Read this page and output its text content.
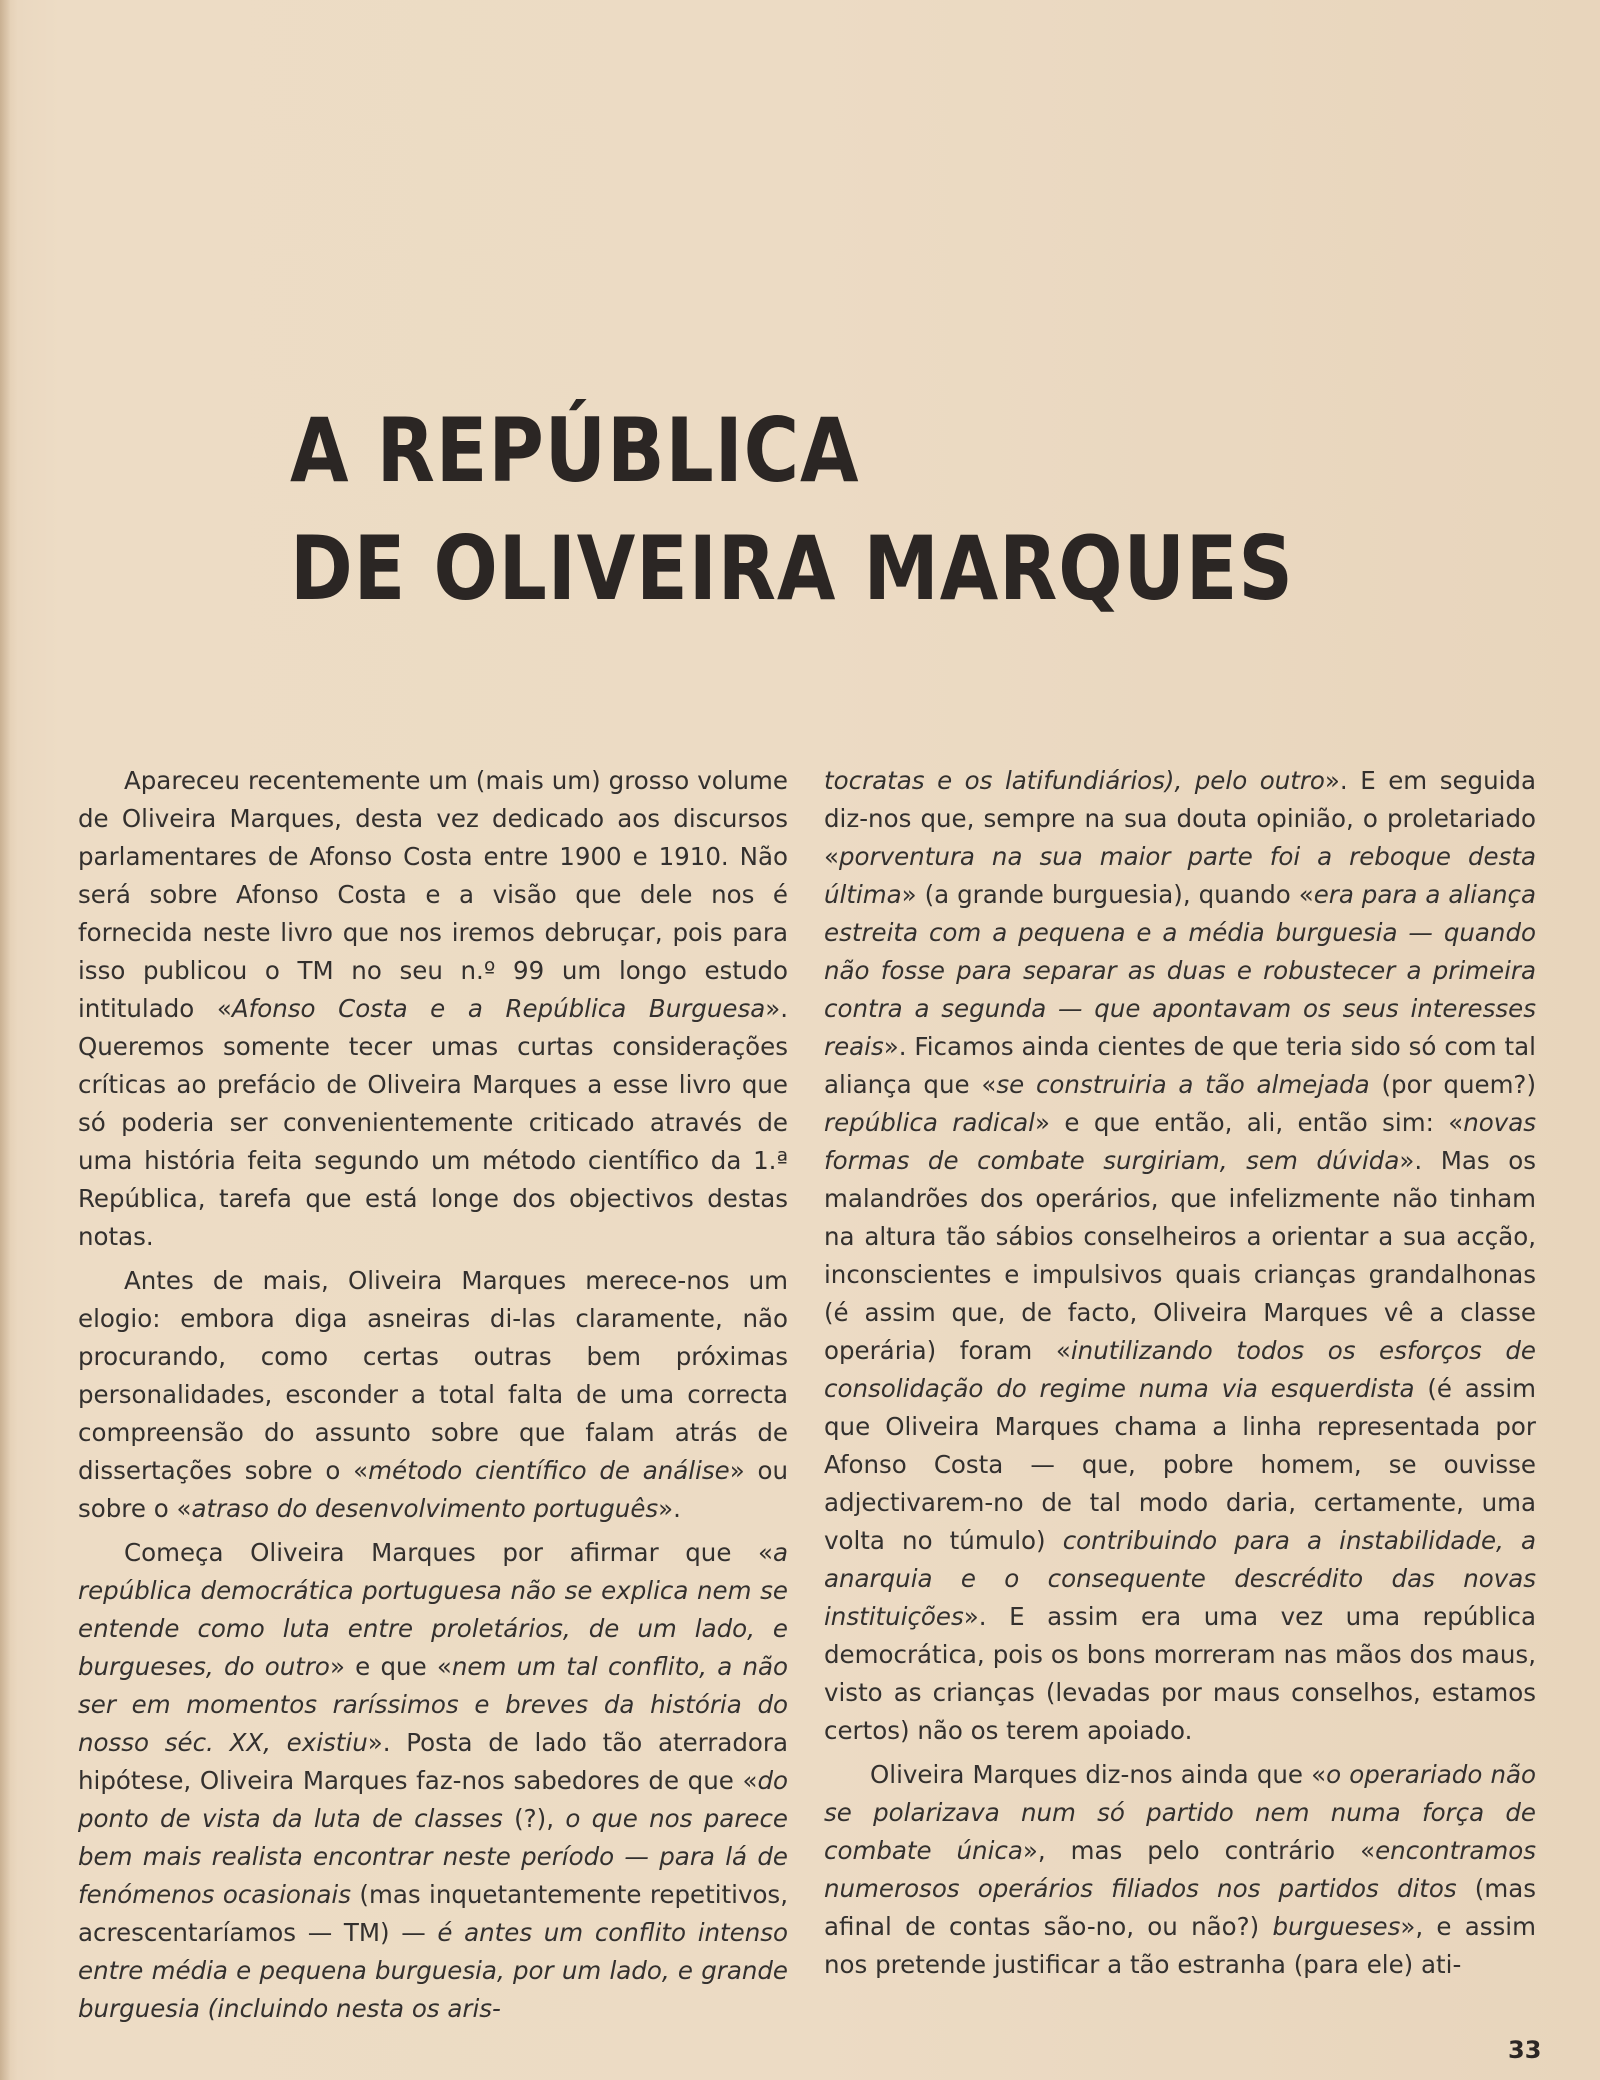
A REPÚBLICA
DE OLIVEIRA MARQUES

Apareceu recentemente um (mais um) grosso volume de Oliveira Marques, desta vez dedicado aos discursos parlamentares de Afonso Costa entre 1900 e 1910. Não será sobre Afonso Costa e a visão que dele nos é fornecida neste livro que nos iremos debruçar, pois para isso publicou o TM no seu n.º 99 um longo estudo intitulado «Afonso Costa e a República Burguesa». Queremos somente tecer umas curtas considerações críticas ao prefácio de Oliveira Marques a esse livro que só poderia ser convenientemente criticado através de uma história feita segundo um método científico da 1.ª República, tarefa que está longe dos objectivos destas notas.

Antes de mais, Oliveira Marques merece-nos um elogio: embora diga asneiras di-las claramente, não procurando, como certas outras bem próximas personalidades, esconder a total falta de uma correcta compreensão do assunto sobre que falam atrás de dissertações sobre o «método científico de análise» ou sobre o «atraso do desenvolvimento português».

Começa Oliveira Marques por afirmar que «a república democrática portuguesa não se explica nem se entende como luta entre proletários, de um lado, e burgueses, do outro» e que «nem um tal conflito, a não ser em momentos raríssimos e breves da história do nosso séc. XX, existiu». Posta de lado tão aterradora hipótese, Oliveira Marques faz-nos sabedores de que «do ponto de vista da luta de classes (?), o que nos parece bem mais realista encontrar neste período — para lá de fenómenos ocasionais (mas inquetantemente repetitivos, acrescentaríamos — TM) — é antes um conflito intenso entre média e pequena burguesia, por um lado, e grande burguesia (incluindo nesta os aris-

tocratas e os latifundiários), pelo outro». E em seguida diz-nos que, sempre na sua douta opinião, o proletariado «porventura na sua maior parte foi a reboque desta última» (a grande burguesia), quando «era para a aliança estreita com a pequena e a média burguesia — quando não fosse para separar as duas e robustecer a primeira contra a segunda — que apontavam os seus interesses reais». Ficamos ainda cientes de que teria sido só com tal aliança que «se construiria a tão almejada (por quem?) república radical» e que então, ali, então sim: «novas formas de combate surgiriam, sem dúvida». Mas os malandrões dos operários, que infelizmente não tinham na altura tão sábios conselheiros a orientar a sua acção, inconscientes e impulsivos quais crianças grandalhonas (é assim que, de facto, Oliveira Marques vê a classe operária) foram «inutilizando todos os esforços de consolidação do regime numa via esquerdista (é assim que Oliveira Marques chama a linha representada por Afonso Costa — que, pobre homem, se ouvisse adjectivarem-no de tal modo daria, certamente, uma volta no túmulo) contribuindo para a instabilidade, a anarquia e o consequente descrédito das novas instituições». E assim era uma vez uma república democrática, pois os bons morreram nas mãos dos maus, visto as crianças (levadas por maus conselhos, estamos certos) não os terem apoiado.

Oliveira Marques diz-nos ainda que «o operariado não se polarizava num só partido nem numa força de combate única», mas pelo contrário «encontramos numerosos operários filiados nos partidos ditos (mas afinal de contas são-no, ou não?) burgueses», e assim nos pretende justificar a tão estranha (para ele) ati-

33
